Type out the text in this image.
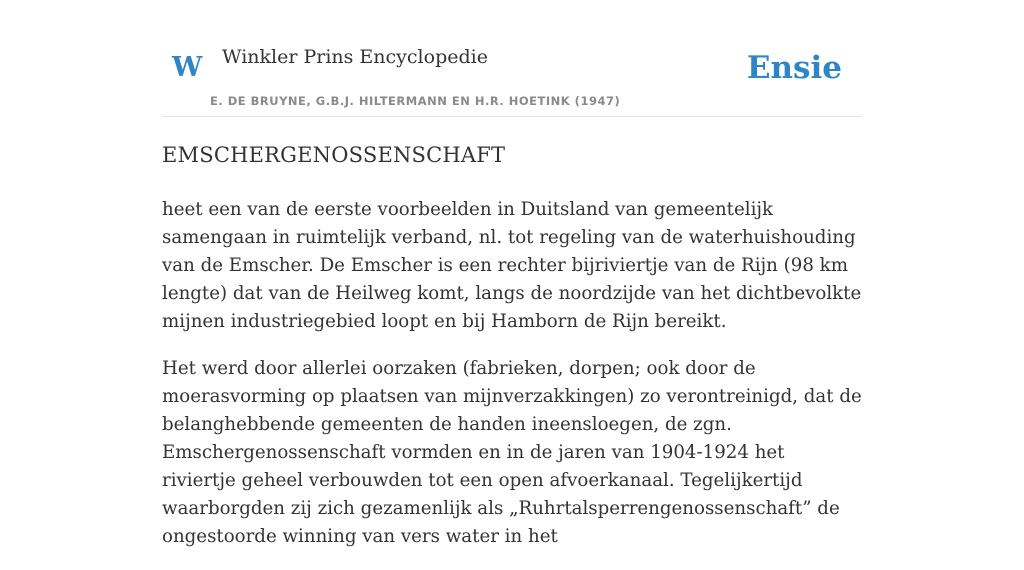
W Winkler Prins Encyclopedie
E. DE BRUYNE, G.B.J. HILTERMANN EN H.R. HOETINK (1947)
Ensie
EMSCHERGENOSSENSCHAFT

heet een van de eerste voorbeelden in Duitsland van gemeentelijk samengaan in ruimtelijk verband, nl. tot regeling van de waterhuishouding van de Emscher. De Emscher is een rechter bijriviertje van de Rijn (98 km lengte) dat van de Heilweg komt, langs de noordzijde van het dichtbevolkte mijnen industriegebied loopt en bij Hamborn de Rijn bereikt.

Het werd door allerlei oorzaken (fabrieken, dorpen; ook door de moerasvorming op plaatsen van mijnverzakkingen) zo verontreinigd, dat de belanghebbende gemeenten de handen ineensloegen, de zgn. Emschergenossenschaft vormden en in de jaren van 1904-1924 het riviertje geheel verbouwden tot een open afvoerkanaal. Tegelijkertijd waarborgden zij zich gezamenlijk als „Ruhrtalsperrengenossenschaft” de ongestoorde winning van vers water in het
